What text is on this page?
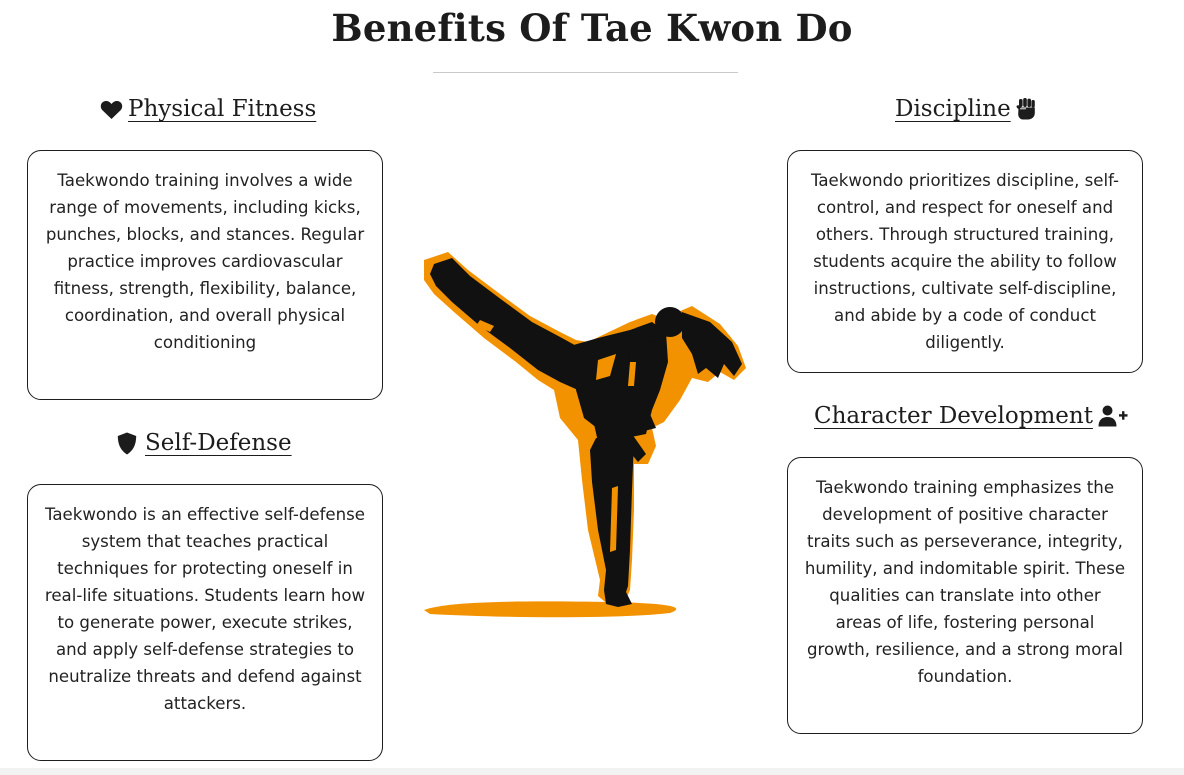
Benefits Of Tae Kwon Do
Physical Fitness

Taekwondo training involves a wide range of movements, including kicks, punches, blocks, and stances. Regular practice improves cardiovascular fitness, strength, flexibility, balance, coordination, and overall physical conditioning

Self-Defense

Taekwondo is an effective self-defense system that teaches practical techniques for protecting oneself in real-life situations. Students learn how to generate power, execute strikes, and apply self-defense strategies to neutralize threats and defend against attackers.

Discipline

Taekwondo prioritizes discipline, self-control, and respect for oneself and others. Through structured training, students acquire the ability to follow instructions, cultivate self-discipline, and abide by a code of conduct diligently.

Character Development

Taekwondo training emphasizes the development of positive character traits such as perseverance, integrity, humility, and indomitable spirit. These qualities can translate into other areas of life, fostering personal growth, resilience, and a strong moral foundation.
